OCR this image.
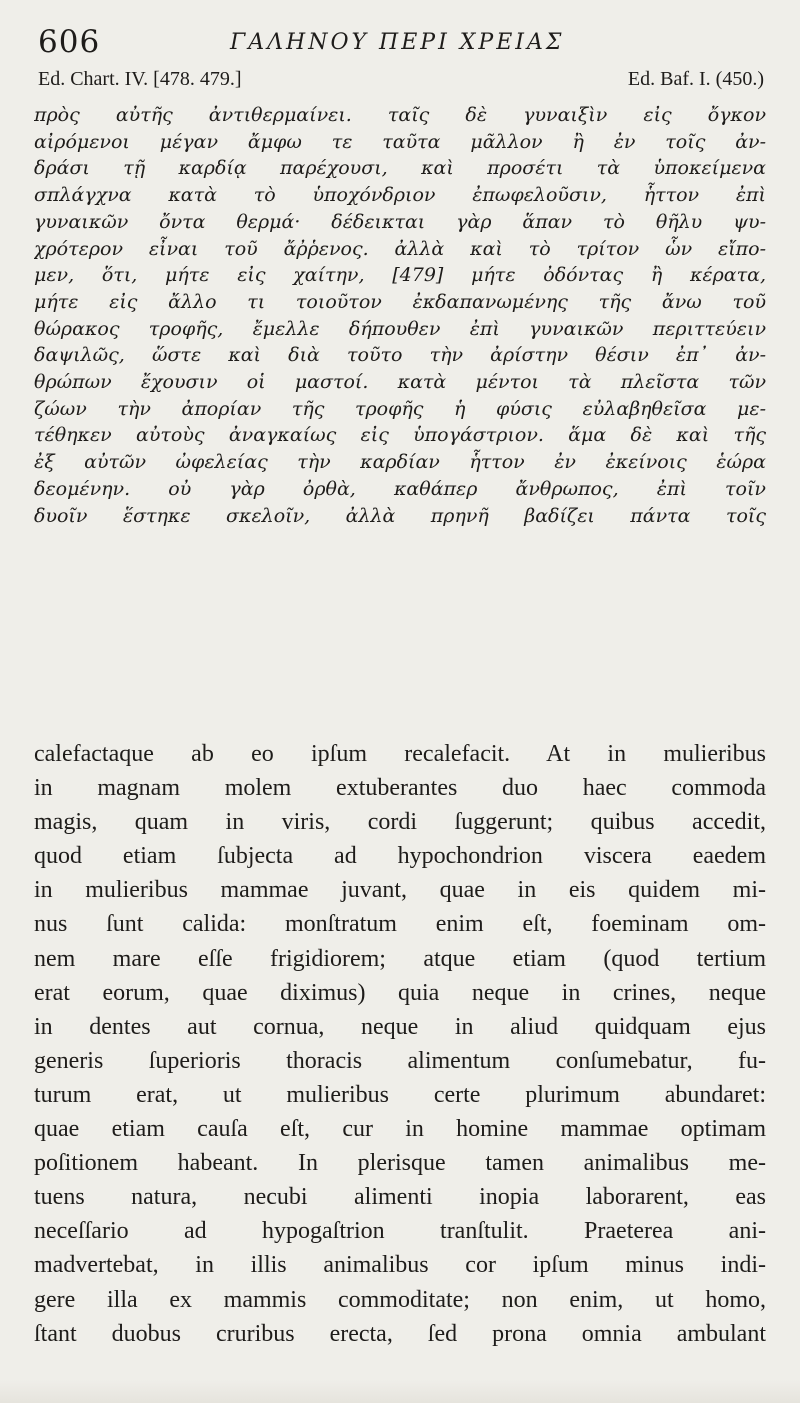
606	ΓΑΛΗΝΟΥ ΠΕΡΙ ΧΡΕΙΑΣ
Ed. Chart. IV. [478. 479.]	Ed. Baf. I. (450.)
πρὸς αὐτῆς ἀντιθερμαίνει. ταῖς δὲ γυναιξὶν εἰς ὄγκον
αἰρόμενοι μέγαν ἄμφω τε ταῦτα μᾶλλον ἢ ἐν τοῖς ἀν-
δράσι τῇ καρδίᾳ παρέχουσι, καὶ προσέτι τὰ ὑποκείμενα
σπλάγχνα κατὰ τὸ ὑποχόνδριον ἐπωφελοῦσιν, ἧττον ἐπὶ
γυναικῶν ὄντα θερμά· δέδεικται γὰρ ἅπαν τὸ θῆλυ ψυ-
χρότερον εἶναι τοῦ ἄῤῥενος. ἀλλὰ καὶ τὸ τρίτον ὧν εἴπο-
μεν, ὅτι, μήτε εἰς χαίτην, [479] μήτε ὀδόντας ἢ κέρατα,
μήτε εἰς ἄλλο τι τοιοῦτον ἐκδαπανωμένης τῆς ἄνω τοῦ
θώρακος τροφῆς, ἔμελλε δήπουθεν ἐπὶ γυναικῶν περιττεύειν
δαψιλῶς, ὥστε καὶ διὰ τοῦτο τὴν ἀρίστην θέσιν ἐπ᾽ ἀν-
θρώπων ἔχουσιν οἱ μαστοί. κατὰ μέντοι τὰ πλεῖστα τῶν
ζώων τὴν ἀπορίαν τῆς τροφῆς ἡ φύσις εὐλαβηθεῖσα με-
τέθηκεν αὐτοὺς ἀναγκαίως εἰς ὑπογάστριον. ἅμα δὲ καὶ τῆς
ἐξ αὐτῶν ὠφελείας τὴν καρδίαν ἧττον ἐν ἐκείνοις ἑώρα
δεομένην. οὐ γὰρ ὀρθὰ, καθάπερ ἄνθρωπος, ἐπὶ τοῖν
δυοῖν ἕστηκε σκελοῖν, ἀλλὰ πρηνῆ βαδίζει πάντα τοῖς
calefactaque ab eo ipſum recalefacit. At in mulieribus
in magnam molem extuberantes duo haec commoda
magis, quam in viris, cordi ſuggerunt; quibus accedit,
quod etiam ſubjecta ad hypochondrion viscera eaedem
in mulieribus mammae juvant, quae in eis quidem mi-
nus ſunt calida: monſtratum enim eſt, foeminam om-
nem mare eſſe frigidiorem; atque etiam (quod tertium
erat eorum, quae diximus) quia neque in crines, neque
in dentes aut cornua, neque in aliud quidquam ejus
generis ſuperioris thoracis alimentum conſumebatur, fu-
turum erat, ut mulieribus certe plurimum abundaret:
quae etiam cauſa eſt, cur in homine mammae optimam
poſitionem habeant. In plerisque tamen animalibus me-
tuens natura, necubi alimenti inopia laborarent, eas
neceſſario ad hypogaſtrion tranſtulit. Praeterea ani-
madvertebat, in illis animalibus cor ipſum minus indi-
gere illa ex mammis commoditate; non enim, ut homo,
ſtant duobus cruribus erecta, ſed prona omnia ambulant
